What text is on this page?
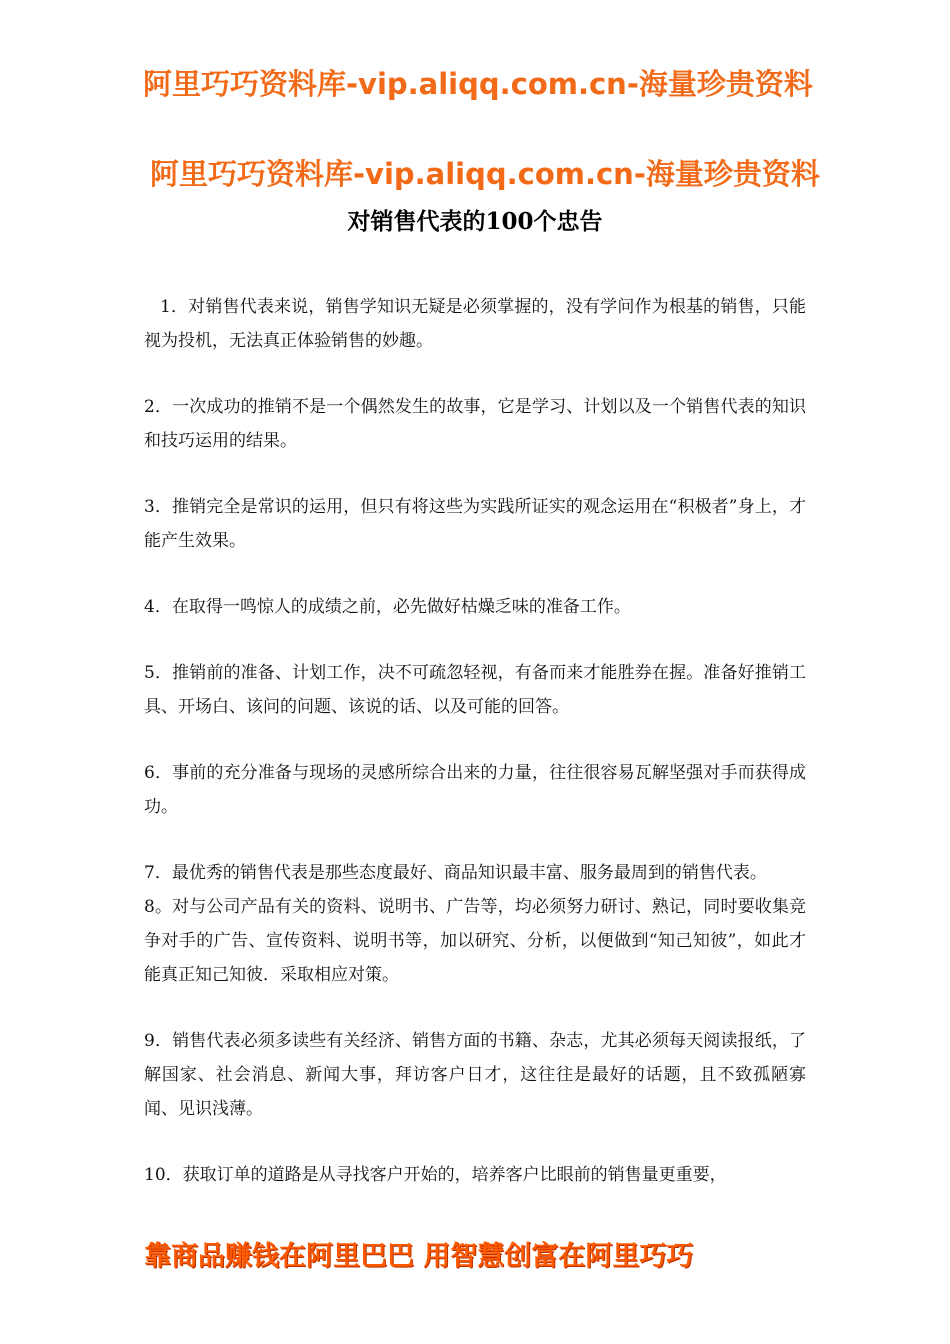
阿里巧巧资料库-vip.aliqq.com.cn-海量珍贵资料
阿里巧巧资料库-vip.aliqq.com.cn-海量珍贵资料
对销售代表的100个忠告

1．对销售代表来说，销售学知识无疑是必须掌握的，没有学问作为根基的销售，只能视为投机，无法真正体验销售的妙趣。

2．一次成功的推销不是一个偶然发生的故事，它是学习、计划以及一个销售代表的知识和技巧运用的结果。

3．推销完全是常识的运用，但只有将这些为实践所证实的观念运用在“积极者”身上，才能产生效果。

4．在取得一鸣惊人的成绩之前，必先做好枯燥乏味的准备工作。

5．推销前的准备、计划工作，决不可疏忽轻视，有备而来才能胜券在握。准备好推销工具、开场白、该问的问题、该说的话、以及可能的回答。

6．事前的充分准备与现场的灵感所综合出来的力量，往往很容易瓦解坚强对手而获得成功。

7．最优秀的销售代表是那些态度最好、商品知识最丰富、服务最周到的销售代表。

8。对与公司产品有关的资料、说明书、广告等，均必须努力研讨、熟记，同时要收集竞争对手的广告、宣传资料、说明书等，加以研究、分析，以便做到“知己知彼”，如此才能真正知己知彼．采取相应对策。

9．销售代表必须多读些有关经济、销售方面的书籍、杂志，尤其必须每天阅读报纸，了解国家、社会消息、新闻大事，拜访客户日才，这往往是最好的话题，且不致孤陋寡闻、见识浅薄。

10．获取订单的道路是从寻找客户开始的，培养客户比眼前的销售量更重要，

靠商品赚钱在阿里巴巴 用智慧创富在阿里巧巧
